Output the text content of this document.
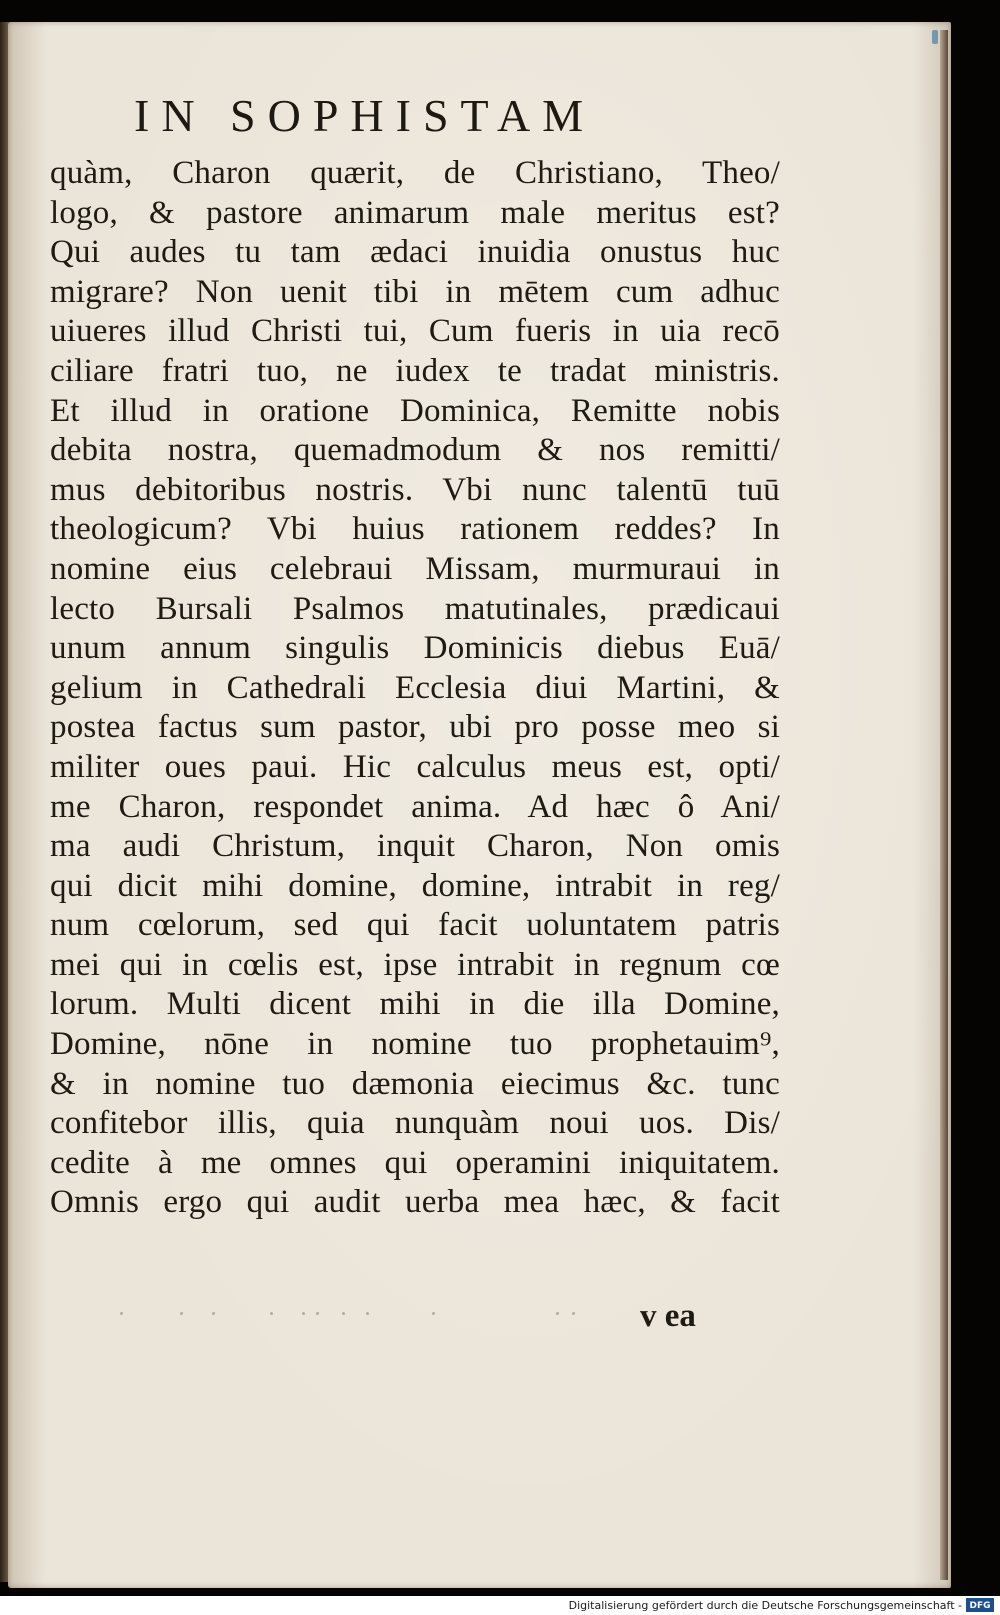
IN SOPHISTAM
quàm, Charon quærit, de Christiano, Theo/
logo, & pastore animarum male meritus est?
Qui audes tu tam ædaci inuidia onustus huc
migrare? Non uenit tibi in mētem cum adhuc
uiueres illud Christi tui, Cum fueris in uia recō
ciliare fratri tuo, ne iudex te tradat ministris.
Et illud in oratione Dominica, Remitte nobis
debita nostra, quemadmodum & nos remitti/
mus debitoribus nostris. Vbi nunc talentū tuū
theologicum? Vbi huius rationem reddes? In
nomine eius celebraui Missam, murmuraui in
lecto Bursali Psalmos matutinales, prædicaui
unum annum singulis Dominicis diebus Euā/
gelium in Cathedrali Ecclesia diui Martini, &
postea factus sum pastor, ubi pro posse meo si
militer oues paui. Hic calculus meus est, opti/
me Charon, respondet anima. Ad hæc ô Ani/
ma audi Christum, inquit Charon, Non omis
qui dicit mihi domine, domine, intrabit in reg/
num cœlorum, sed qui facit uoluntatem patris
mei qui in cœlis est, ipse intrabit in regnum cœ
lorum. Multi dicent mihi in die illa Domine,
Domine, nōne in nomine tuo prophetauim⁹,
& in nomine tuo dæmonia eiecimus &c. tunc
confitebor illis, quia nunquàm noui uos. Dis/
cedite à me omnes qui operamini iniquitatem.
Omnis ergo qui audit uerba mea hæc, & facit
v ea
Digitalisierung gefördert durch die Deutsche Forschungsgemeinschaft - DFG
